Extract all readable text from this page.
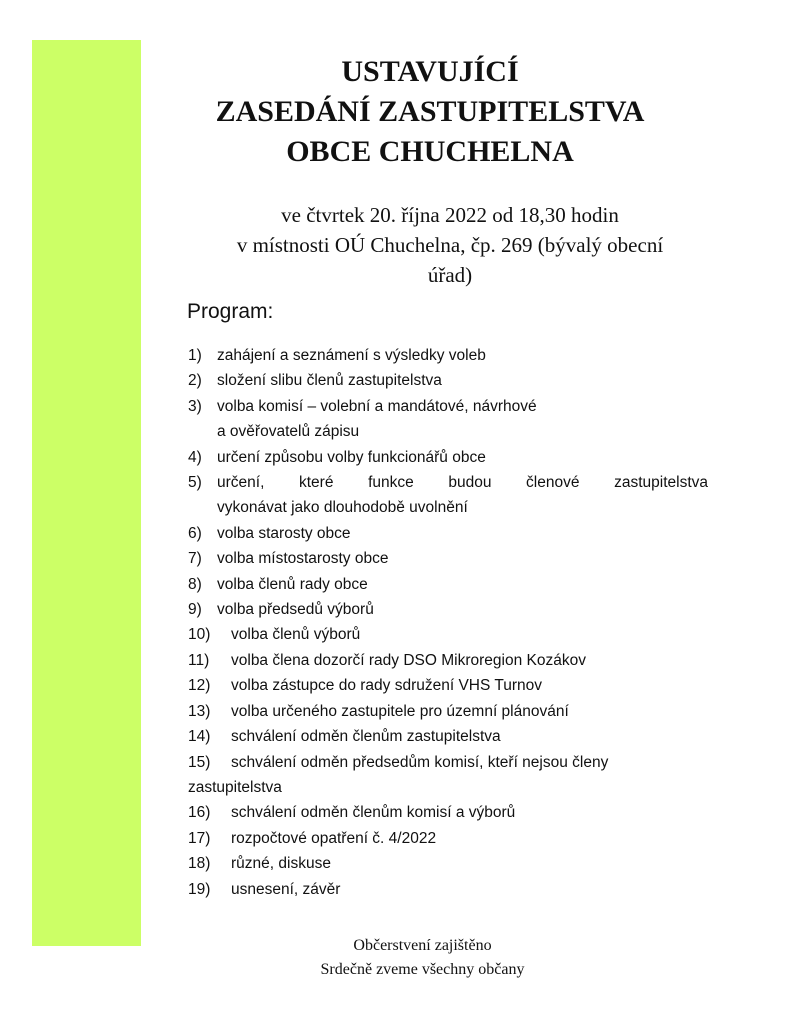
USTAVUJÍCÍ
ZASEDÁNÍ ZASTUPITELSTVA
OBCE CHUCHELNA
ve čtvrtek 20. října 2022 od 18,30 hodin
v místnosti OÚ Chuchelna, čp. 269 (bývalý obecní
úřad)
Program:
1) zahájení a seznámení s výsledky voleb
2) složení slibu členů zastupitelstva
3) volba komisí – volební a mandátové, návrhové
a ověřovatelů zápisu
4) určení způsobu volby funkcionářů obce
5) určení, které funkce budou členové zastupitelstva
vykonávat jako dlouhodobě uvolnění
6) volba starosty obce
7) volba místostarosty obce
8) volba členů rady obce
9) volba předsedů výborů
10)	volba členů výborů
11)	volba člena dozorčí rady DSO Mikroregion Kozákov
12)	volba zástupce do rady sdružení VHS Turnov
13)	volba určeného zastupitele pro územní plánování
14)	schválení odměn členům zastupitelstva
15)	schválení odměn předsedům komisí, kteří nejsou členy
zastupitelstva
16)	schválení odměn členům komisí a výborů
17)	rozpočtové opatření č. 4/2022
18)	různé, diskuse
19)	usnesení, závěr
Občerstvení zajištěno
Srdečně zveme všechny občany
